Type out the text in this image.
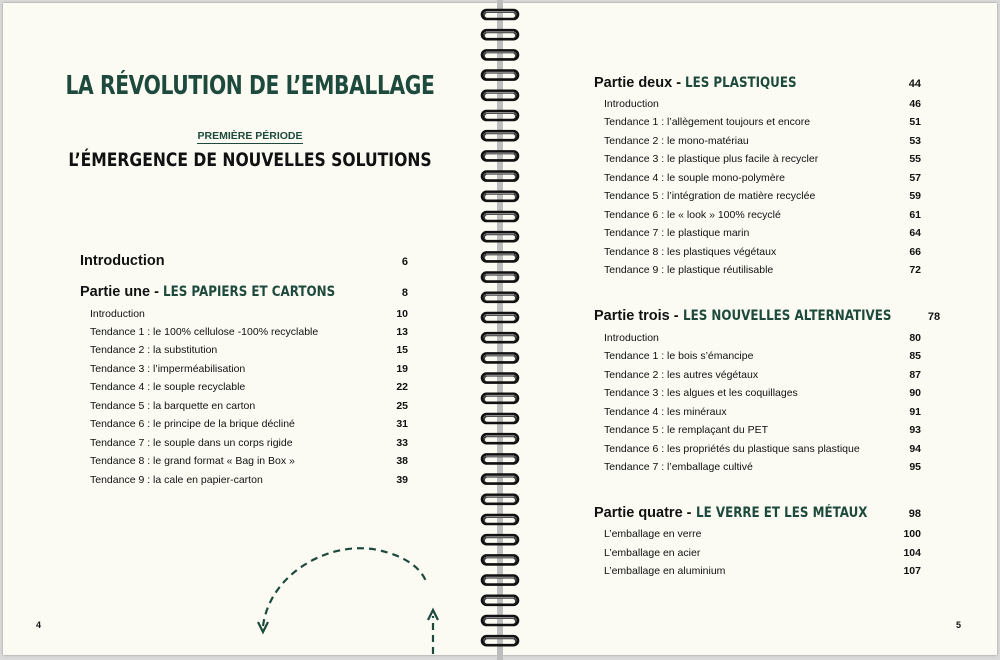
LA RÉVOLUTION DE L’EMBALLAGE
PREMIÈRE PÉRIODE
L’ÉMERGENCE DE NOUVELLES SOLUTIONS
Introduction	6
Partie une - LES PAPIERS ET CARTONS	8
Introduction	10
Tendance 1 : le 100% cellulose -100% recyclable	13
Tendance 2 : la substitution	15
Tendance 3 : l’imperméabilisation	19
Tendance 4 : le souple recyclable	22
Tendance 5 : la barquette en carton	25
Tendance 6 : le principe de la brique décliné	31
Tendance 7 : le souple dans un corps rigide	33
Tendance 8 : le grand format « Bag in Box »	38
Tendance 9 : la cale en papier-carton	39
4
Partie deux - LES PLASTIQUES	44
Introduction	46
Tendance 1 : l’allègement toujours et encore	51
Tendance 2 : le mono-matériau	53
Tendance 3 : le plastique plus facile à recycler	55
Tendance 4 : le souple mono-polymère	57
Tendance 5 : l’intégration de matière recyclée	59
Tendance 6 : le « look » 100% recyclé	61
Tendance 7 : le plastique marin	64
Tendance 8 : les plastiques végétaux	66
Tendance 9 : le plastique réutilisable	72
Partie trois - LES NOUVELLES ALTERNATIVES	78
Introduction	80
Tendance 1 : le bois s’émancipe	85
Tendance 2 : les autres végétaux	87
Tendance 3 : les algues et les coquillages	90
Tendance 4 : les minéraux	91
Tendance 5 : le remplaçant du PET	93
Tendance 6 : les propriétés du plastique sans plastique	94
Tendance 7 : l’emballage cultivé	95
Partie quatre - LE VERRE ET LES MÉTAUX	98
L’emballage en verre	100
L’emballage en acier	104
L’emballage en aluminium	107
5
